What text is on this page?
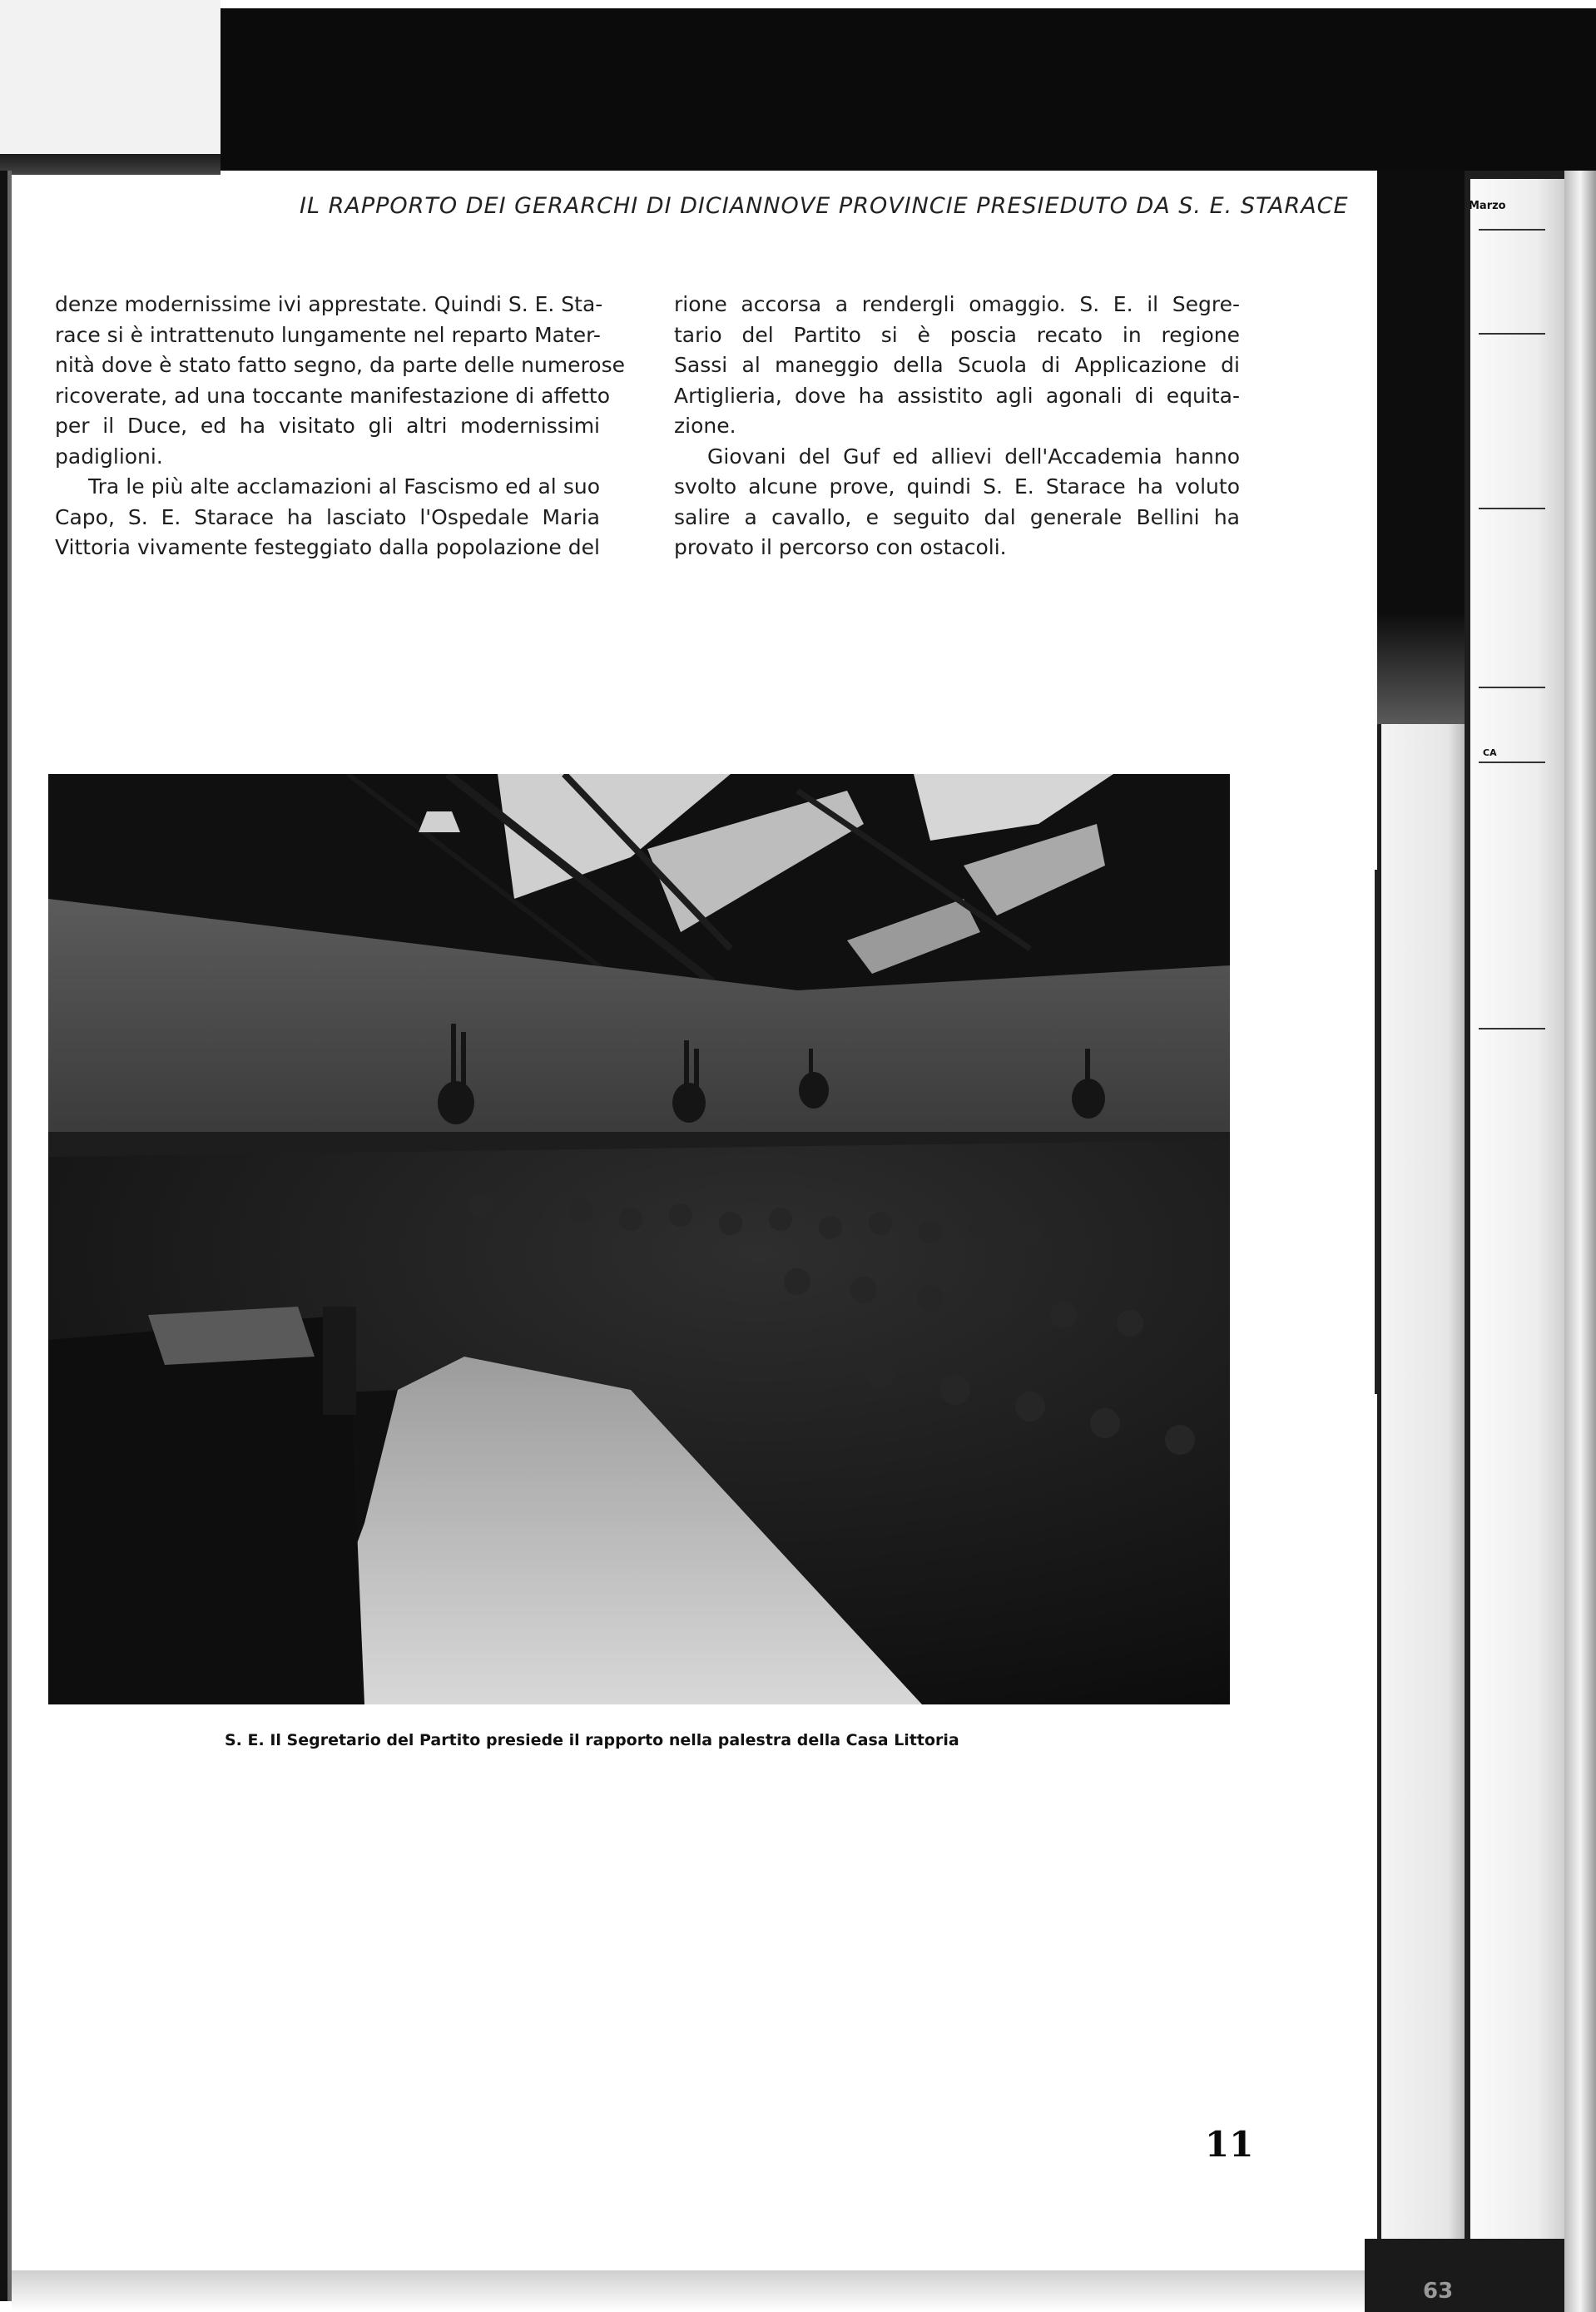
Marzo
CA
63
IL RAPPORTO DEI GERARCHI DI DICIANNOVE PROVINCIE PRESIEDUTO DA S. E. STARACE

denze modernissime ivi apprestate. Quindi S. E. Sta-
race si è intrattenuto lungamente nel reparto Mater-
nità dove è stato fatto segno, da parte delle numerose
ricoverate, ad una toccante manifestazione di affetto
per il Duce, ed ha visitato gli altri modernissimi
padiglioni.

Tra le più alte acclamazioni al Fascismo ed al suo
Capo, S. E. Starace ha lasciato l'Ospedale Maria
Vittoria vivamente festeggiato dalla popolazione del

rione accorsa a rendergli omaggio. S. E. il Segre-
tario del Partito si è poscia recato in regione
Sassi al maneggio della Scuola di Applicazione di
Artiglieria, dove ha assistito agli agonali di equita-
zione.

Giovani del Guf ed allievi dell'Accademia hanno
svolto alcune prove, quindi S. E. Starace ha voluto
salire a cavallo, e seguito dal generale Bellini ha
provato il percorso con ostacoli.

S. E. Il Segretario del Partito presiede il rapporto nella palestra della Casa Littoria
11
